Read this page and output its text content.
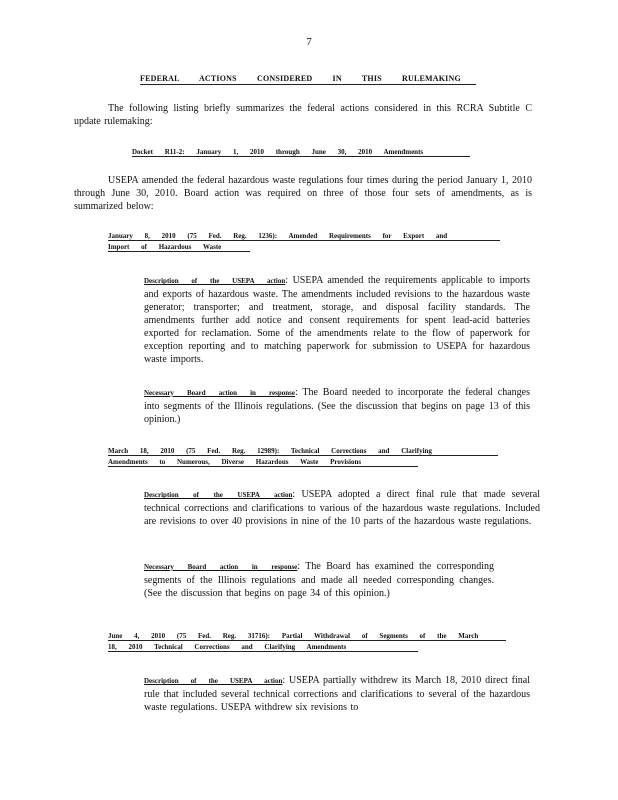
7
FEDERAL ACTIONS CONSIDERED IN THIS RULEMAKING
The following listing briefly summarizes the federal actions considered in this RCRA Subtitle C update rulemaking:
Docket R11-2: January 1, 2010 through June 30, 2010 Amendments
USEPA amended the federal hazardous waste regulations four times during the period January 1, 2010 through June 30, 2010. Board action was required on three of those four sets of amendments, as is summarized below:
January 8, 2010 (75 Fed. Reg. 1236): Amended Requirements for Export and
Import of Hazardous Waste
Description of the USEPA action: USEPA amended the requirements applicable to imports and exports of hazardous waste. The amendments included revisions to the hazardous waste generator; transporter; and treatment, storage, and disposal facility standards. The amendments further add notice and consent requirements for spent lead-acid batteries exported for reclamation. Some of the amendments relate to the flow of paperwork for exception reporting and to matching paperwork for submission to USEPA for hazardous waste imports.
Necessary Board action in response: The Board needed to incorporate the federal changes into segments of the Illinois regulations. (See the discussion that begins on page 13 of this opinion.)
March 18, 2010 (75 Fed. Reg. 12989): Technical Corrections and Clarifying
Amendments to Numerous, Diverse Hazardous Waste Provisions
Description of the USEPA action: USEPA adopted a direct final rule that made several technical corrections and clarifications to various of the hazardous waste regulations. Included are revisions to over 40 provisions in nine of the 10 parts of the hazardous waste regulations.
Necessary Board action in response: The Board has examined the corresponding segments of the Illinois regulations and made all needed corresponding changes. (See the discussion that begins on page 34 of this opinion.)
June 4, 2010 (75 Fed. Reg. 31716): Partial Withdrawal of Segments of the March
18, 2010 Technical Corrections and Clarifying Amendments
Description of the USEPA action: USEPA partially withdrew its March 18, 2010 direct final rule that included several technical corrections and clarifications to several of the hazardous waste regulations. USEPA withdrew six revisions to
